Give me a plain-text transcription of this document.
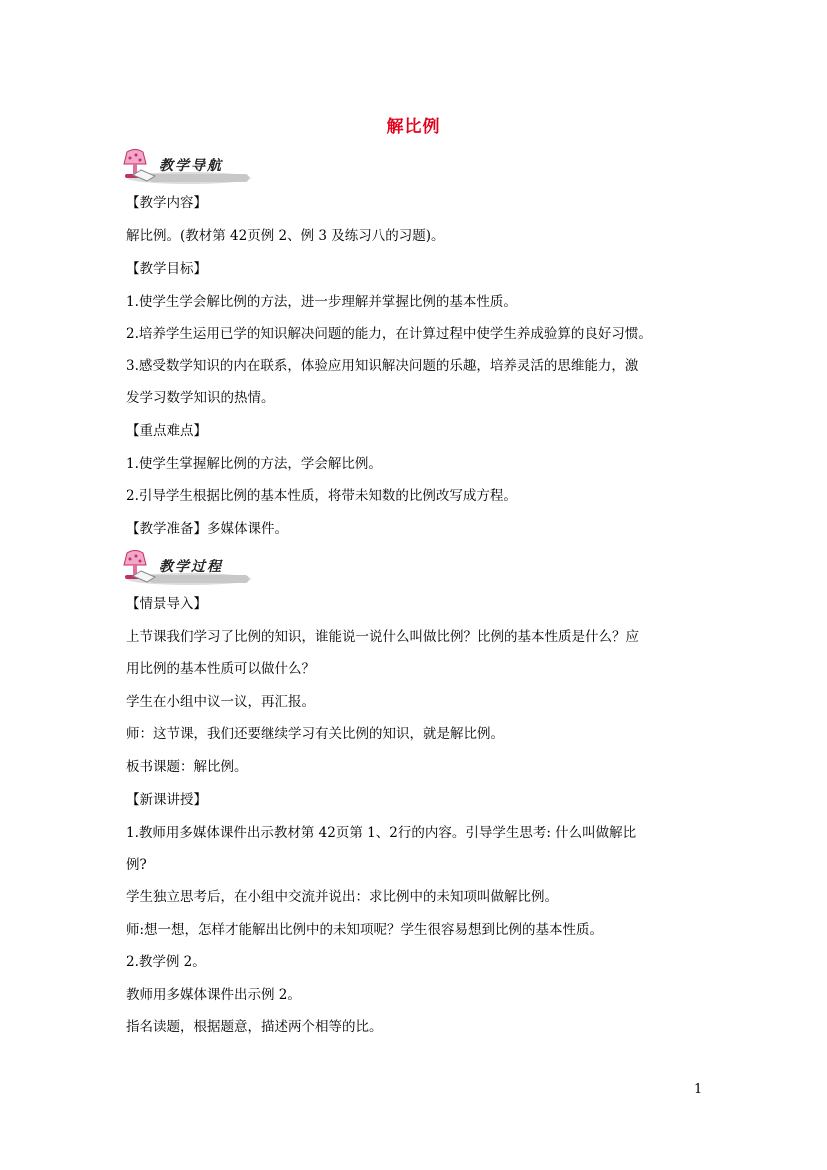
解比例
教学导航
【教学内容】
解比例。(教材第 42页例 2、例 3 及练习八的习题)。
【教学目标】
1.使学生学会解比例的方法，进一步理解并掌握比例的基本性质。
2.培养学生运用已学的知识解决问题的能力，在计算过程中使学生养成验算的良好习惯。
3.感受数学知识的内在联系，体验应用知识解决问题的乐趣，培养灵活的思维能力，激
发学习数学知识的热情。
【重点难点】
1.使学生掌握解比例的方法，学会解比例。
2.引导学生根据比例的基本性质，将带未知数的比例改写成方程。
【教学准备】多媒体课件。
教学过程
【情景导入】
上节课我们学习了比例的知识，谁能说一说什么叫做比例？比例的基本性质是什么？应
用比例的基本性质可以做什么？
学生在小组中议一议，再汇报。
师：这节课，我们还要继续学习有关比例的知识，就是解比例。
板书课题：解比例。
【新课讲授】
1.教师用多媒体课件出示教材第 42页第 1、2行的内容。引导学生思考: 什么叫做解比
例?
学生独立思考后，在小组中交流并说出：求比例中的未知项叫做解比例。
师:想一想，怎样才能解出比例中的未知项呢？学生很容易想到比例的基本性质。
2.教学例 2。
教师用多媒体课件出示例 2。
指名读题，根据题意，描述两个相等的比。
1
